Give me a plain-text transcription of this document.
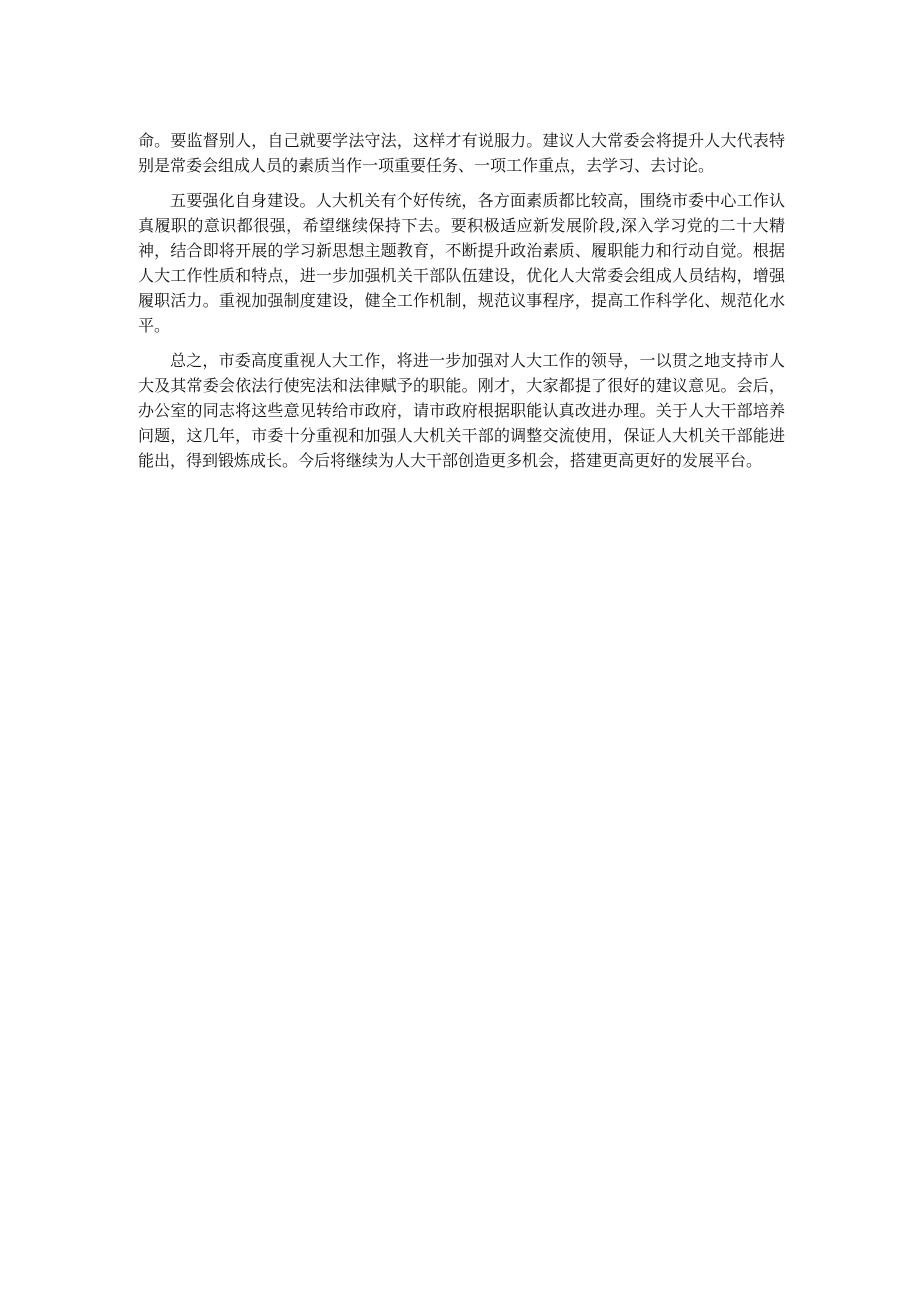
命。要监督别人，自己就要学法守法，这样才有说服力。建议人大常委会将提升人大代表特别是常委会组成人员的素质当作一项重要任务、一项工作重点，去学习、去讨论。

五要强化自身建设。人大机关有个好传统，各方面素质都比较高，围绕市委中心工作认真履职的意识都很强，希望继续保持下去。要积极适应新发展阶段,深入学习党的二十大精神，结合即将开展的学习新思想主题教育，不断提升政治素质、履职能力和行动自觉。根据人大工作性质和特点，进一步加强机关干部队伍建设，优化人大常委会组成人员结构，增强履职活力。重视加强制度建设，健全工作机制，规范议事程序，提高工作科学化、规范化水平。

总之，市委高度重视人大工作，将进一步加强对人大工作的领导，一以贯之地支持市人大及其常委会依法行使宪法和法律赋予的职能。刚才，大家都提了很好的建议意见。会后，办公室的同志将这些意见转给市政府，请市政府根据职能认真改进办理。关于人大干部培养问题，这几年，市委十分重视和加强人大机关干部的调整交流使用，保证人大机关干部能进能出，得到锻炼成长。今后将继续为人大干部创造更多机会，搭建更高更好的发展平台。
